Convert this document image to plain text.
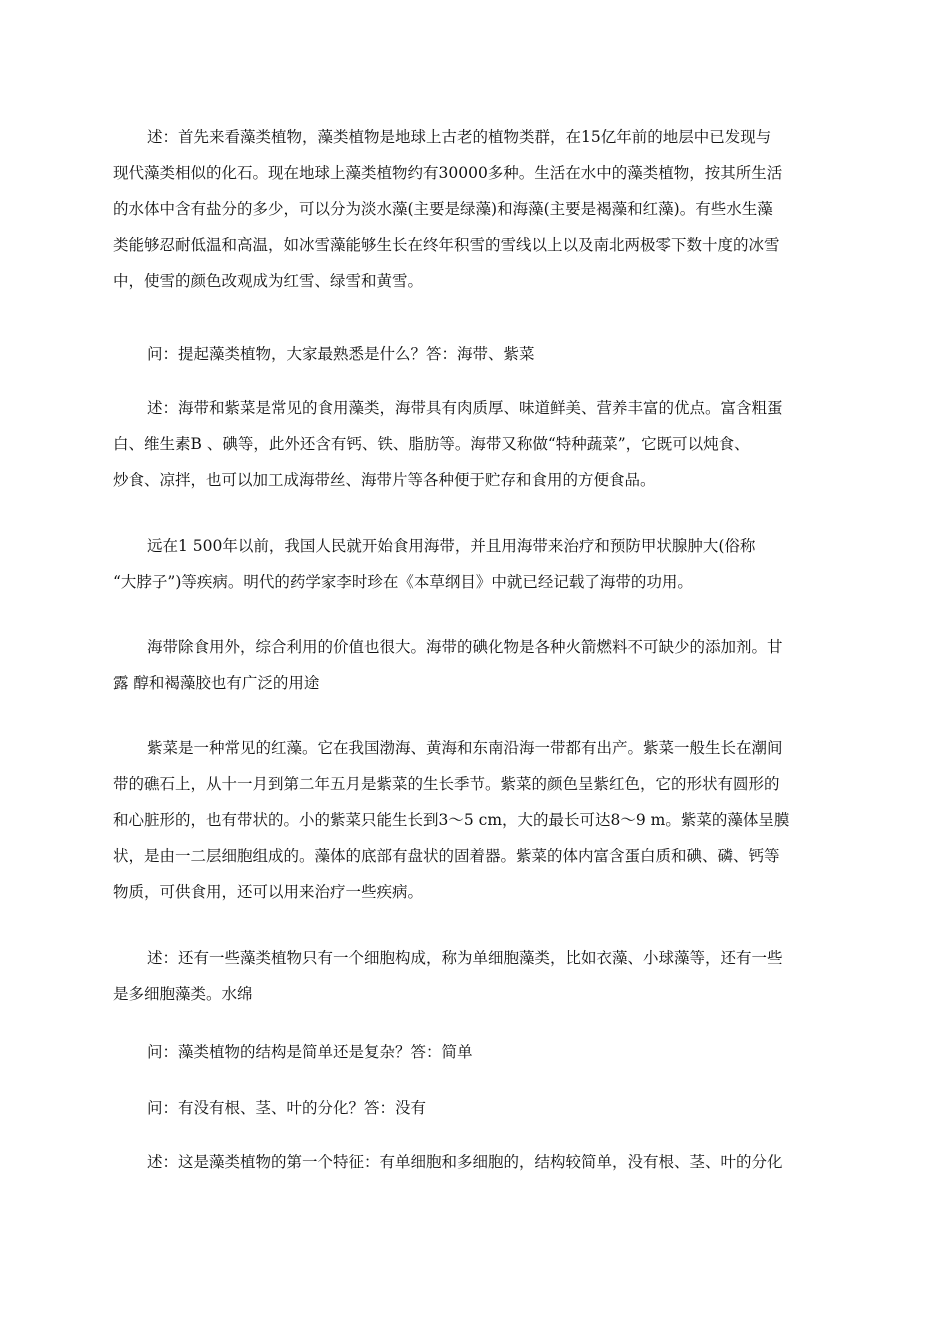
述：首先来看藻类植物，藻类植物是地球上古老的植物类群，在15亿年前的地层中已发现与
现代藻类相似的化石。现在地球上藻类植物约有30000多种。生活在水中的藻类植物，按其所生活
的水体中含有盐分的多少，可以分为淡水藻(主要是绿藻)和海藻(主要是褐藻和红藻)。有些水生藻
类能够忍耐低温和高温，如冰雪藻能够生长在终年积雪的雪线以上以及南北两极零下数十度的冰雪
中，使雪的颜色改观成为红雪、绿雪和黄雪。
问：提起藻类植物，大家最熟悉是什么？答：海带、紫菜
述：海带和紫菜是常见的食用藻类，海带具有肉质厚、味道鲜美、营养丰富的优点。富含粗蛋
白、维生素B 、碘等，此外还含有钙、铁、脂肪等。海带又称做“特种蔬菜”，它既可以炖食、
炒食、凉拌，也可以加工成海带丝、海带片等各种便于贮存和食用的方便食品。
远在1 500年以前，我国人民就开始食用海带，并且用海带来治疗和预防甲状腺肿大(俗称
“大脖子”)等疾病。明代的药学家李时珍在《本草纲目》中就已经记载了海带的功用。
海带除食用外，综合利用的价值也很大。海带的碘化物是各种火箭燃料不可缺少的添加剂。甘
露 醇和褐藻胶也有广泛的用途
紫菜是一种常见的红藻。它在我国渤海、黄海和东南沿海一带都有出产。紫菜一般生长在潮间
带的礁石上，从十一月到第二年五月是紫菜的生长季节。紫菜的颜色呈紫红色，它的形状有圆形的
和心脏形的，也有带状的。小的紫菜只能生长到3～5 cm，大的最长可达8～9 m。紫菜的藻体呈膜
状，是由一二层细胞组成的。藻体的底部有盘状的固着器。紫菜的体内富含蛋白质和碘、磷、钙等
物质，可供食用，还可以用来治疗一些疾病。
述：还有一些藻类植物只有一个细胞构成，称为单细胞藻类，比如衣藻、小球藻等，还有一些
是多细胞藻类。水绵
问：藻类植物的结构是简单还是复杂？答：简单
问：有没有根、茎、叶的分化？答：没有
述：这是藻类植物的第一个特征：有单细胞和多细胞的，结构较简单，没有根、茎、叶的分化
